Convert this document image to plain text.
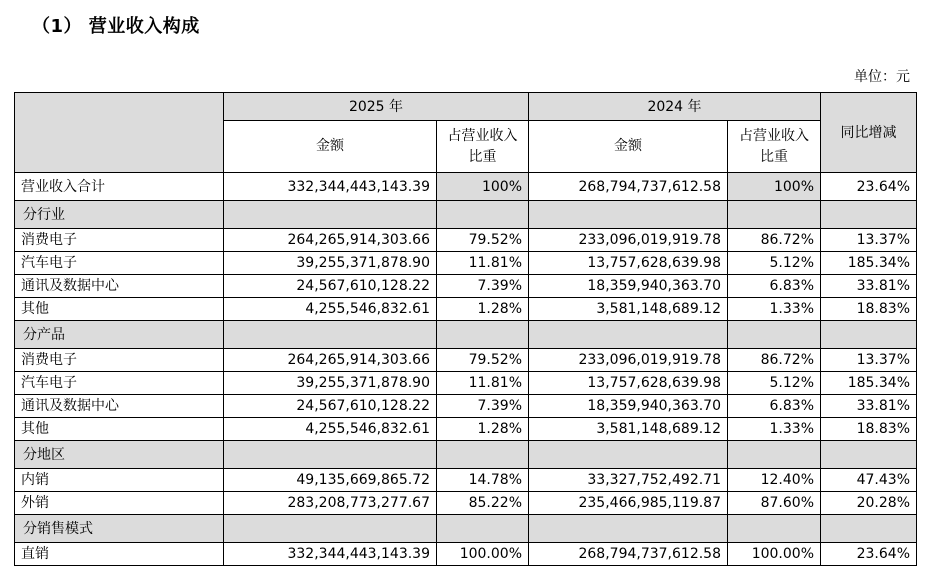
（1） 营业收入构成
单位：元
	2025 年		2024 年		同比增减
	金额	占营业收入比重	金额	占营业收入比重	
营业收入合计	332,344,443,143.39	100%	268,794,737,612.58	100%	23.64%
分行业					
消费电子	264,265,914,303.66	79.52%	233,096,019,919.78	86.72%	13.37%
汽车电子	39,255,371,878.90	11.81%	13,757,628,639.98	5.12%	185.34%
通讯及数据中心	24,567,610,128.22	7.39%	18,359,940,363.70	6.83%	33.81%
其他	4,255,546,832.61	1.28%	3,581,148,689.12	1.33%	18.83%
分产品					
消费电子	264,265,914,303.66	79.52%	233,096,019,919.78	86.72%	13.37%
汽车电子	39,255,371,878.90	11.81%	13,757,628,639.98	5.12%	185.34%
通讯及数据中心	24,567,610,128.22	7.39%	18,359,940,363.70	6.83%	33.81%
其他	4,255,546,832.61	1.28%	3,581,148,689.12	1.33%	18.83%
分地区					
内销	49,135,669,865.72	14.78%	33,327,752,492.71	12.40%	47.43%
外销	283,208,773,277.67	85.22%	235,466,985,119.87	87.60%	20.28%
分销售模式					
直销	332,344,443,143.39	100.00%	268,794,737,612.58	100.00%	23.64%
